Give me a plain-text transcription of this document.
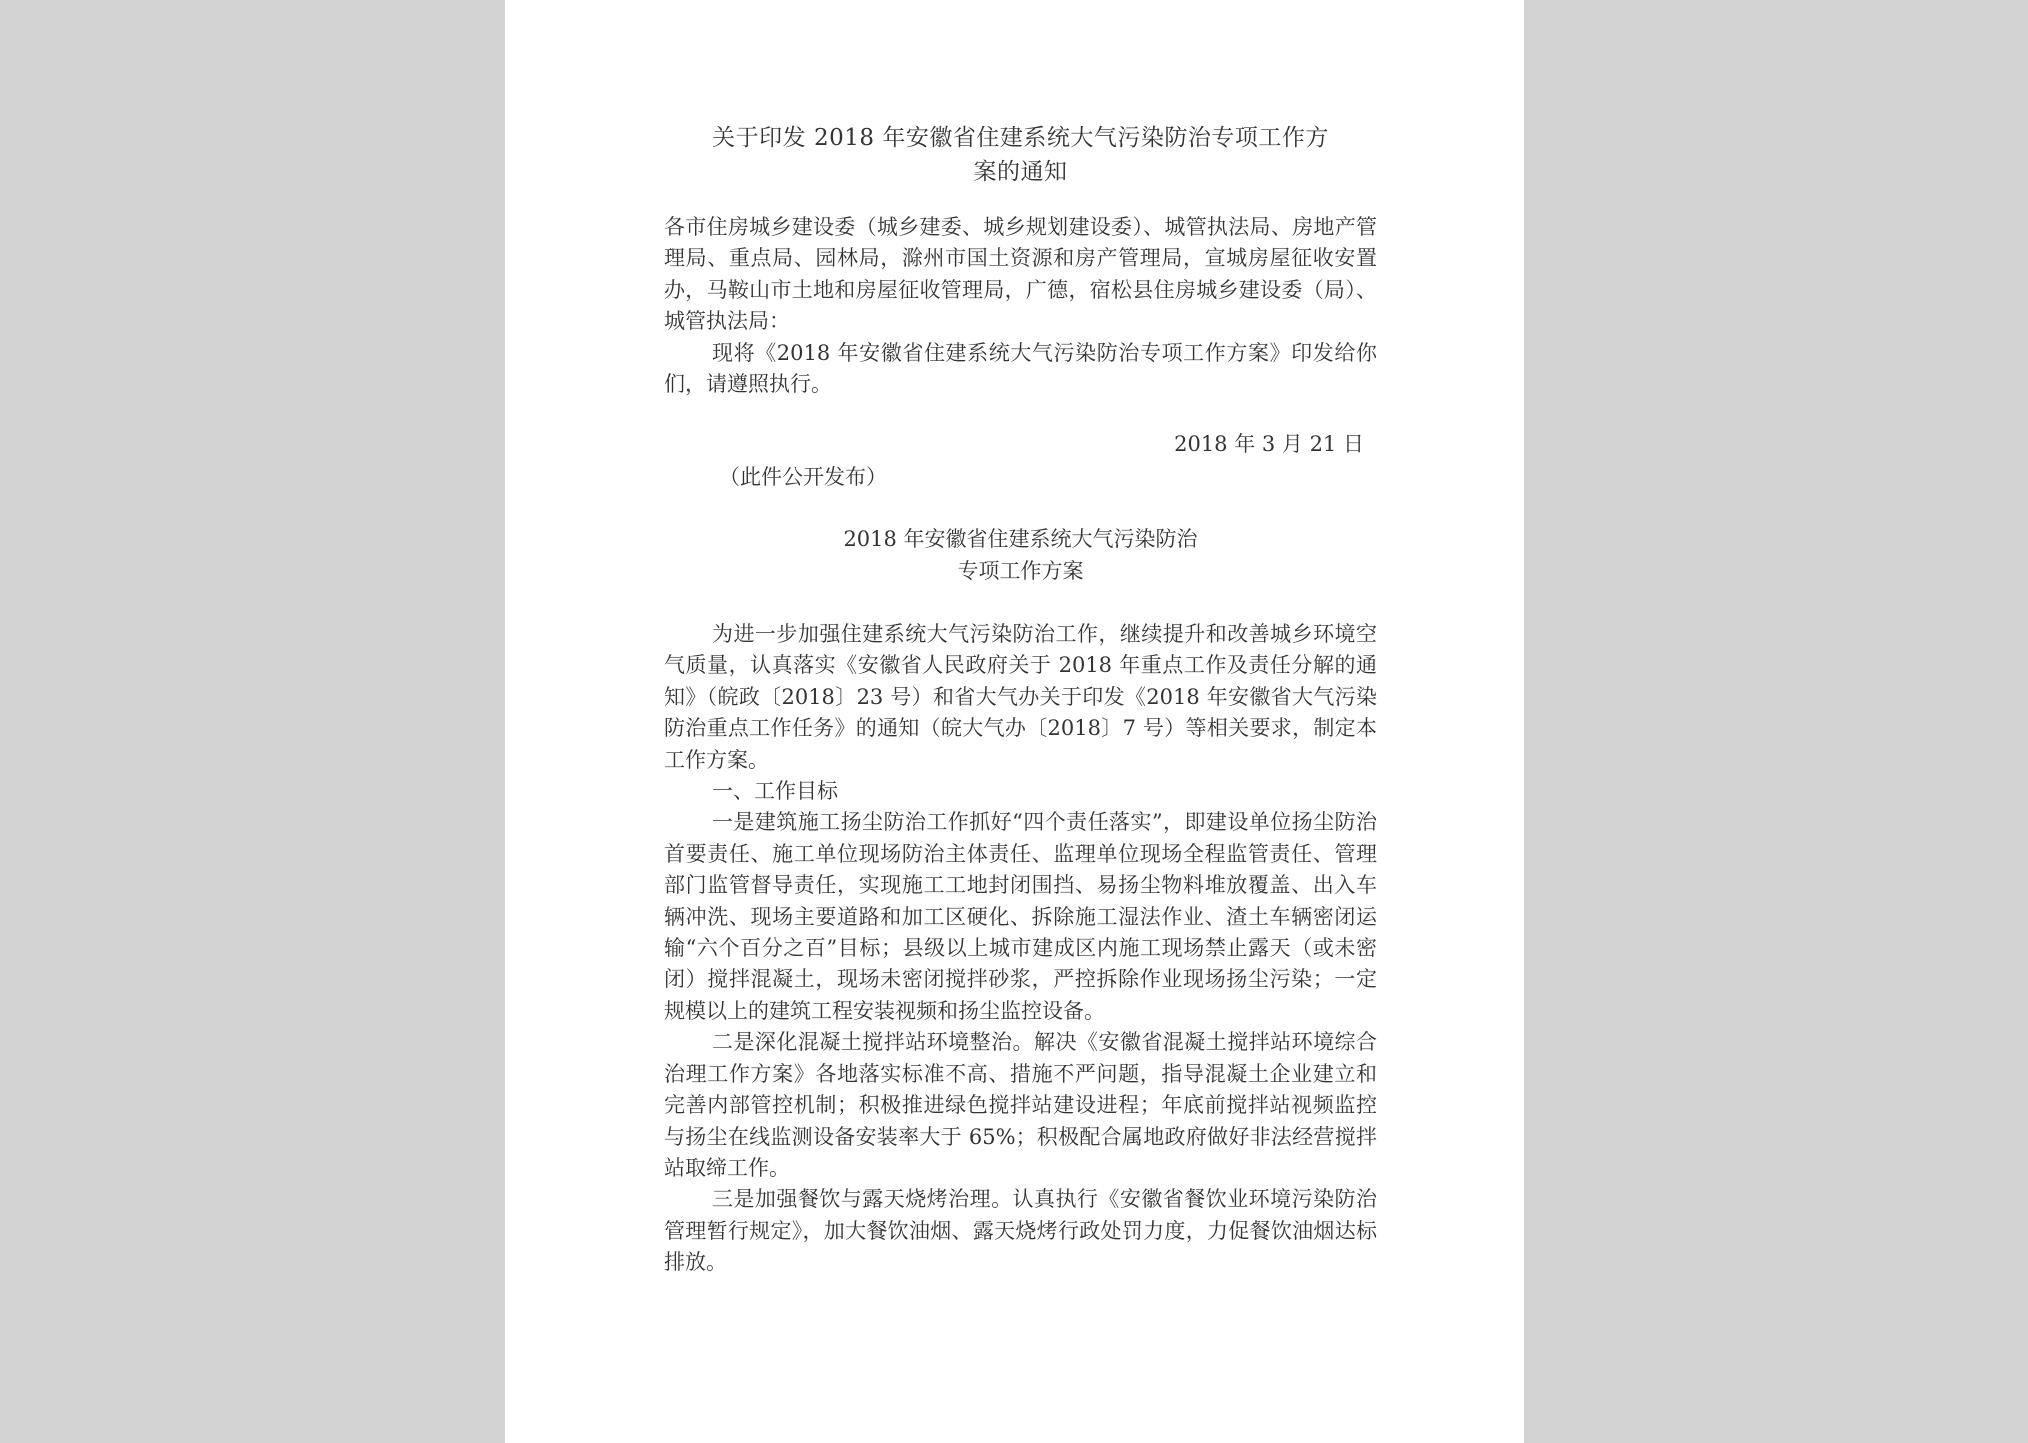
关于印发 2018 年安徽省住建系统大气污染防治专项工作方
案的通知

各市住房城乡建设委（城乡建委、城乡规划建设委）、城管执法局、房地产管理局、重点局、园林局，滁州市国土资源和房产管理局，宣城房屋征收安置办，马鞍山市土地和房屋征收管理局，广德，宿松县住房城乡建设委（局）、城管执法局：

现将《2018 年安徽省住建系统大气污染防治专项工作方案》印发给你们，请遵照执行。

2018 年 3 月 21 日
（此件公开发布）
2018 年安徽省住建系统大气污染防治
专项工作方案

为进一步加强住建系统大气污染防治工作，继续提升和改善城乡环境空气质量，认真落实《安徽省人民政府关于 2018 年重点工作及责任分解的通知》（皖政〔2018〕23 号）和省大气办关于印发《2018 年安徽省大气污染防治重点工作任务》的通知（皖大气办〔2018〕7 号）等相关要求，制定本工作方案。

一、工作目标

一是建筑施工扬尘防治工作抓好“四个责任落实”，即建设单位扬尘防治首要责任、施工单位现场防治主体责任、监理单位现场全程监管责任、管理部门监管督导责任，实现施工工地封闭围挡、易扬尘物料堆放覆盖、出入车辆冲洗、现场主要道路和加工区硬化、拆除施工湿法作业、渣土车辆密闭运输“六个百分之百”目标；县级以上城市建成区内施工现场禁止露天（或未密闭）搅拌混凝土，现场未密闭搅拌砂浆，严控拆除作业现场扬尘污染；一定规模以上的建筑工程安装视频和扬尘监控设备。

二是深化混凝土搅拌站环境整治。解决《安徽省混凝土搅拌站环境综合治理工作方案》各地落实标准不高、措施不严问题，指导混凝土企业建立和完善内部管控机制；积极推进绿色搅拌站建设进程；年底前搅拌站视频监控与扬尘在线监测设备安装率大于 65%；积极配合属地政府做好非法经营搅拌站取缔工作。

三是加强餐饮与露天烧烤治理。认真执行《安徽省餐饮业环境污染防治管理暂行规定》，加大餐饮油烟、露天烧烤行政处罚力度，力促餐饮油烟达标排放。
